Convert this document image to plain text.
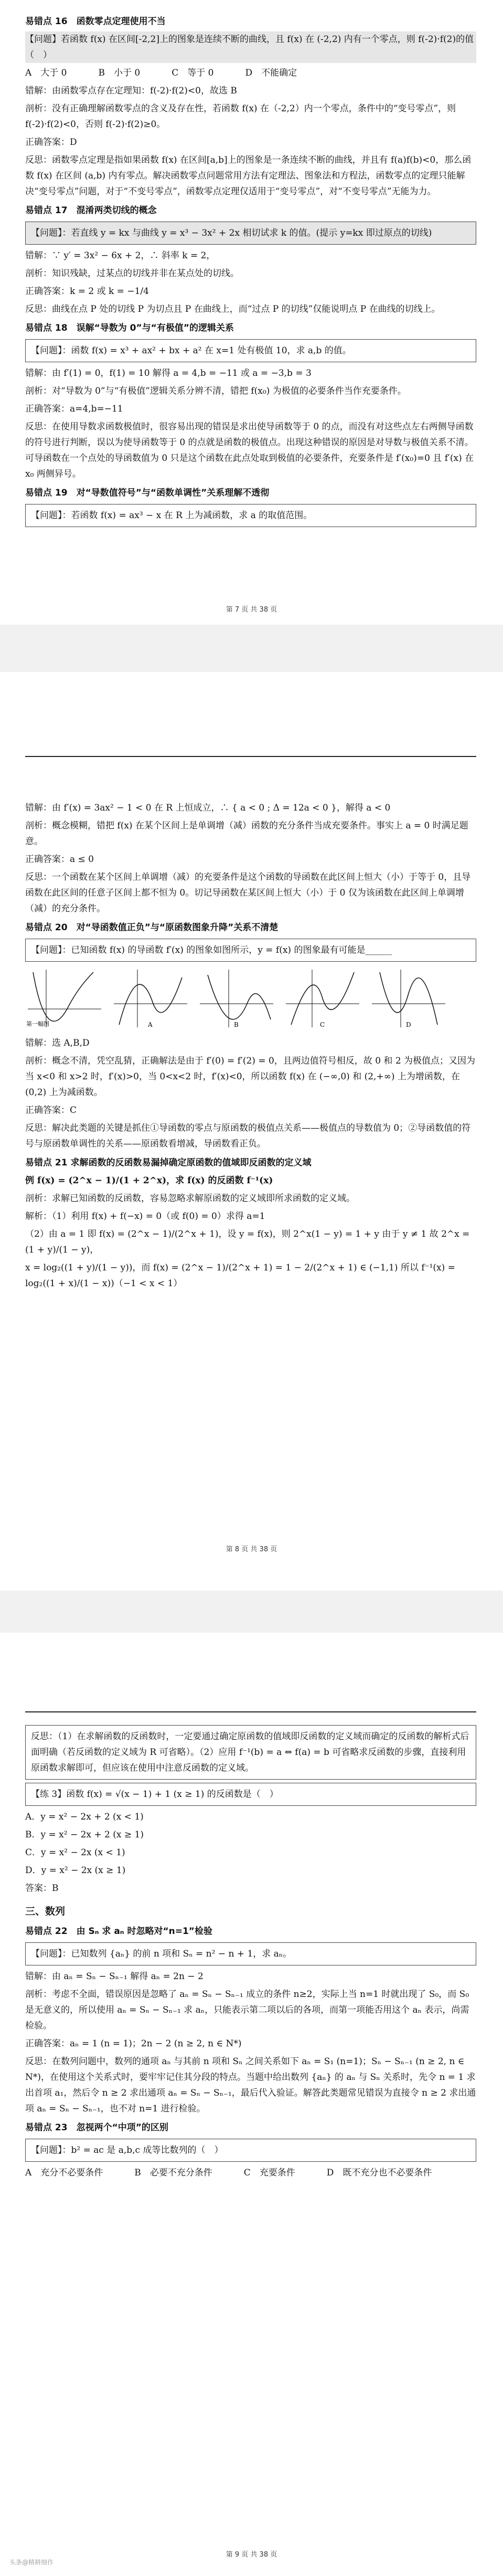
易错点 16　函数零点定理使用不当

【问题】若函数 f(x) 在区间[-2,2]上的图象是连续不断的曲线，且 f(x) 在 (-2,2) 内有一个零点，则 f(-2)·f(2)的值（　）

A　大于 0	B　小于 0	C　等于 0	D　不能确定

错解：由函数零点存在定理知：f(-2)·f(2)<0，故选 B

剖析：没有正确理解函数零点的含义及存在性，若函数 f(x) 在（-2,2）内一个零点，条件中的“变号零点”，则 f(-2)·f(2)<0，否则 f(-2)·f(2)≥0。

正确答案：D

反思：函数零点定理是指如果函数 f(x) 在区间[a,b]上的图象是一条连续不断的曲线，并且有 f(a)f(b)<0，那么函数 f(x) 在区间 (a,b) 内有零点。解决函数零点问题常用方法有定理法、图象法和方程法，函数零点的定理只能解决“变号零点”问题，对于“不变号零点”，函数零点定理仅适用于“变号零点”，对“不变号零点”无能为力。

易错点 17　混淆两类切线的概念

【问题】：若直线 y = kx 与曲线 y = x³ − 3x² + 2x 相切试求 k 的值。(提示 y=kx 即过原点的切线)

错解：∵ y′ = 3x² − 6x + 2，∴ 斜率 k = 2，

剖析：知识残缺，过某点的切线并非在某点处的切线。

正确答案：k = 2 或 k = −1/4

反思：曲线在点 P 处的切线 P 为切点且 P 在曲线上，而“过点 P 的切线”仅能说明点 P 在曲线的切线上。

易错点 18　误解“导数为 0”与“有极值”的逻辑关系

【问题】：函数 f(x) = x³ + ax² + bx + a² 在 x=1 处有极值 10，求 a,b 的值。

错解：由 f′(1) = 0，f(1) = 10 解得 a = 4,b = −11 或 a = −3,b = 3

剖析：对“导数为 0”与“有极值”逻辑关系分辨不清，错把 f(x₀) 为极值的必要条件当作充要条件。

正确答案：a=4,b=−11

反思：在使用导数求函数极值时，很容易出现的错误是求出使导函数等于 0 的点，而没有对这些点左右两侧导函数的符号进行判断，误以为使导函数等于 0 的点就是函数的极值点。出现这种错误的原因是对导数与极值关系不清。可导函数在一个点处的导函数值为 0 只是这个函数在此点处取到极值的必要条件，充要条件是 f′(x₀)=0 且 f′(x) 在 x₀ 两侧异号。

易错点 19　对“导数值符号”与“函数单调性”关系理解不透彻

【问题】：若函数 f(x) = ax³ − x 在 R 上为减函数，求 a 的取值范围。

第 7 页 共 38 页

错解：由 f′(x) = 3ax² − 1 < 0 在 R 上恒成立，∴ { a < 0 ; Δ = 12a < 0 }，解得 a < 0

剖析：概念模糊，错把 f(x) 在某个区间上是单调增（减）函数的充分条件当成充要条件。事实上 a = 0 时满足题意。

正确答案：a ≤ 0

反思：一个函数在某个区间上单调增（减）的充要条件是这个函数的导函数在此区间上恒大（小）于等于 0，且导函数在此区间的任意子区间上都不恒为 0。切记导函数在某区间上恒大（小）于 0 仅为该函数在此区间上单调增（减）的充分条件。

易错点 20　对“导函数值正负”与“原函数图象升降”关系不清楚

【问题】：已知函数 f(x) 的导函数 f′(x) 的图象如图所示，y = f(x) 的图象最有可能是______

第一幅图	A	B	C	D

错解：选 A,B,D

剖析：概念不清，凭空乱猜，正确解法是由于 f′(0) = f′(2) = 0，且两边值符号相反，故 0 和 2 为极值点；又因为当 x<0 和 x>2 时，f′(x)>0，当 0<x<2 时，f′(x)<0，所以函数 f(x) 在 (−∞,0) 和 (2,+∞) 上为增函数，在 (0,2) 上为减函数。

正确答案：C

反思：解决此类题的关键是抓住①导函数的零点与原函数的极值点关系——极值点的导数值为 0；②导函数值的符号与原函数单调性的关系——原函数看增减，导函数看正负。

易错点 21 求解函数的反函数易漏掉确定原函数的值域即反函数的定义域

例 f(x) = (2^x − 1)/(1 + 2^x)，求 f(x) 的反函数 f⁻¹(x)

剖析：求解已知函数的反函数，容易忽略求解原函数的定义域即所求函数的定义域。

解析：（1）利用 f(x) + f(−x) = 0（或 f(0) = 0）求得 a=1

（2）由 a = 1 即 f(x) = (2^x − 1)/(2^x + 1)，设 y = f(x)，则 2^x(1 − y) = 1 + y 由于 y ≠ 1 故 2^x = (1 + y)/(1 − y)，

x = log₂((1 + y)/(1 − y))，而 f(x) = (2^x − 1)/(2^x + 1) = 1 − 2/(2^x + 1) ∈ (−1,1) 所以 f⁻¹(x) = log₂((1 + x)/(1 − x))（−1 < x < 1）

第 8 页 共 38 页

反思：（1）在求解函数的反函数时，一定要通过确定原函数的值域即反函数的定义域而确定的反函数的解析式后面明确（若反函数的定义域为 R 可省略）。（2）应用 f⁻¹(b) = a ⇔ f(a) = b 可省略求反函数的步骤，直接利用原函数求解即可，但应该在使用中注意反函数的定义域。

【练 3】函数 f(x) = √(x − 1) + 1 (x ≥ 1) 的反函数是（　）

A．y = x² − 2x + 2 (x < 1)

B．y = x² − 2x + 2 (x ≥ 1)

C．y = x² − 2x (x < 1)

D．y = x² − 2x (x ≥ 1)

答案：B

三、数列
易错点 22　由 Sₙ 求 aₙ 时忽略对“n=1”检验

【问题】：已知数列 {aₙ} 的前 n 项和 Sₙ = n² − n + 1，求 aₙ。

错解：由 aₙ = Sₙ − Sₙ₋₁ 解得 aₙ = 2n − 2

剖析：考虑不全面，错误原因是忽略了 aₙ = Sₙ − Sₙ₋₁ 成立的条件 n≥2，实际上当 n=1 时就出现了 S₀，而 S₀ 是无意义的，所以使用 aₙ = Sₙ − Sₙ₋₁ 求 aₙ，只能表示第二项以后的各项，而第一项能否用这个 aₙ 表示，尚需检验。

正确答案：aₙ = 1 (n = 1)；2n − 2 (n ≥ 2, n ∈ N*)

反思：在数列问题中，数列的通项 aₙ 与其前 n 项和 Sₙ 之间关系如下 aₙ = S₁ (n=1)；Sₙ − Sₙ₋₁ (n ≥ 2, n ∈ N*)，在使用这个关系式时，要牢牢记住其分段的特点。当题中给出数列 {aₙ} 的 aₙ 与 Sₙ 关系时，先令 n = 1 求出首项 a₁，然后令 n ≥ 2 求出通项 aₙ = Sₙ − Sₙ₋₁，最后代入验证。解答此类题常见错误为直接令 n ≥ 2 求出通项 aₙ = Sₙ − Sₙ₋₁，也不对 n=1 进行检验。

易错点 23　忽视两个“中项”的区别

【问题】：b² = ac 是 a,b,c 成等比数列的（　）

A　充分不必要条件	B　必要不充分条件	C　充要条件	D　既不充分也不必要条件
第 9 页 共 38 页
头条@精耕细作
